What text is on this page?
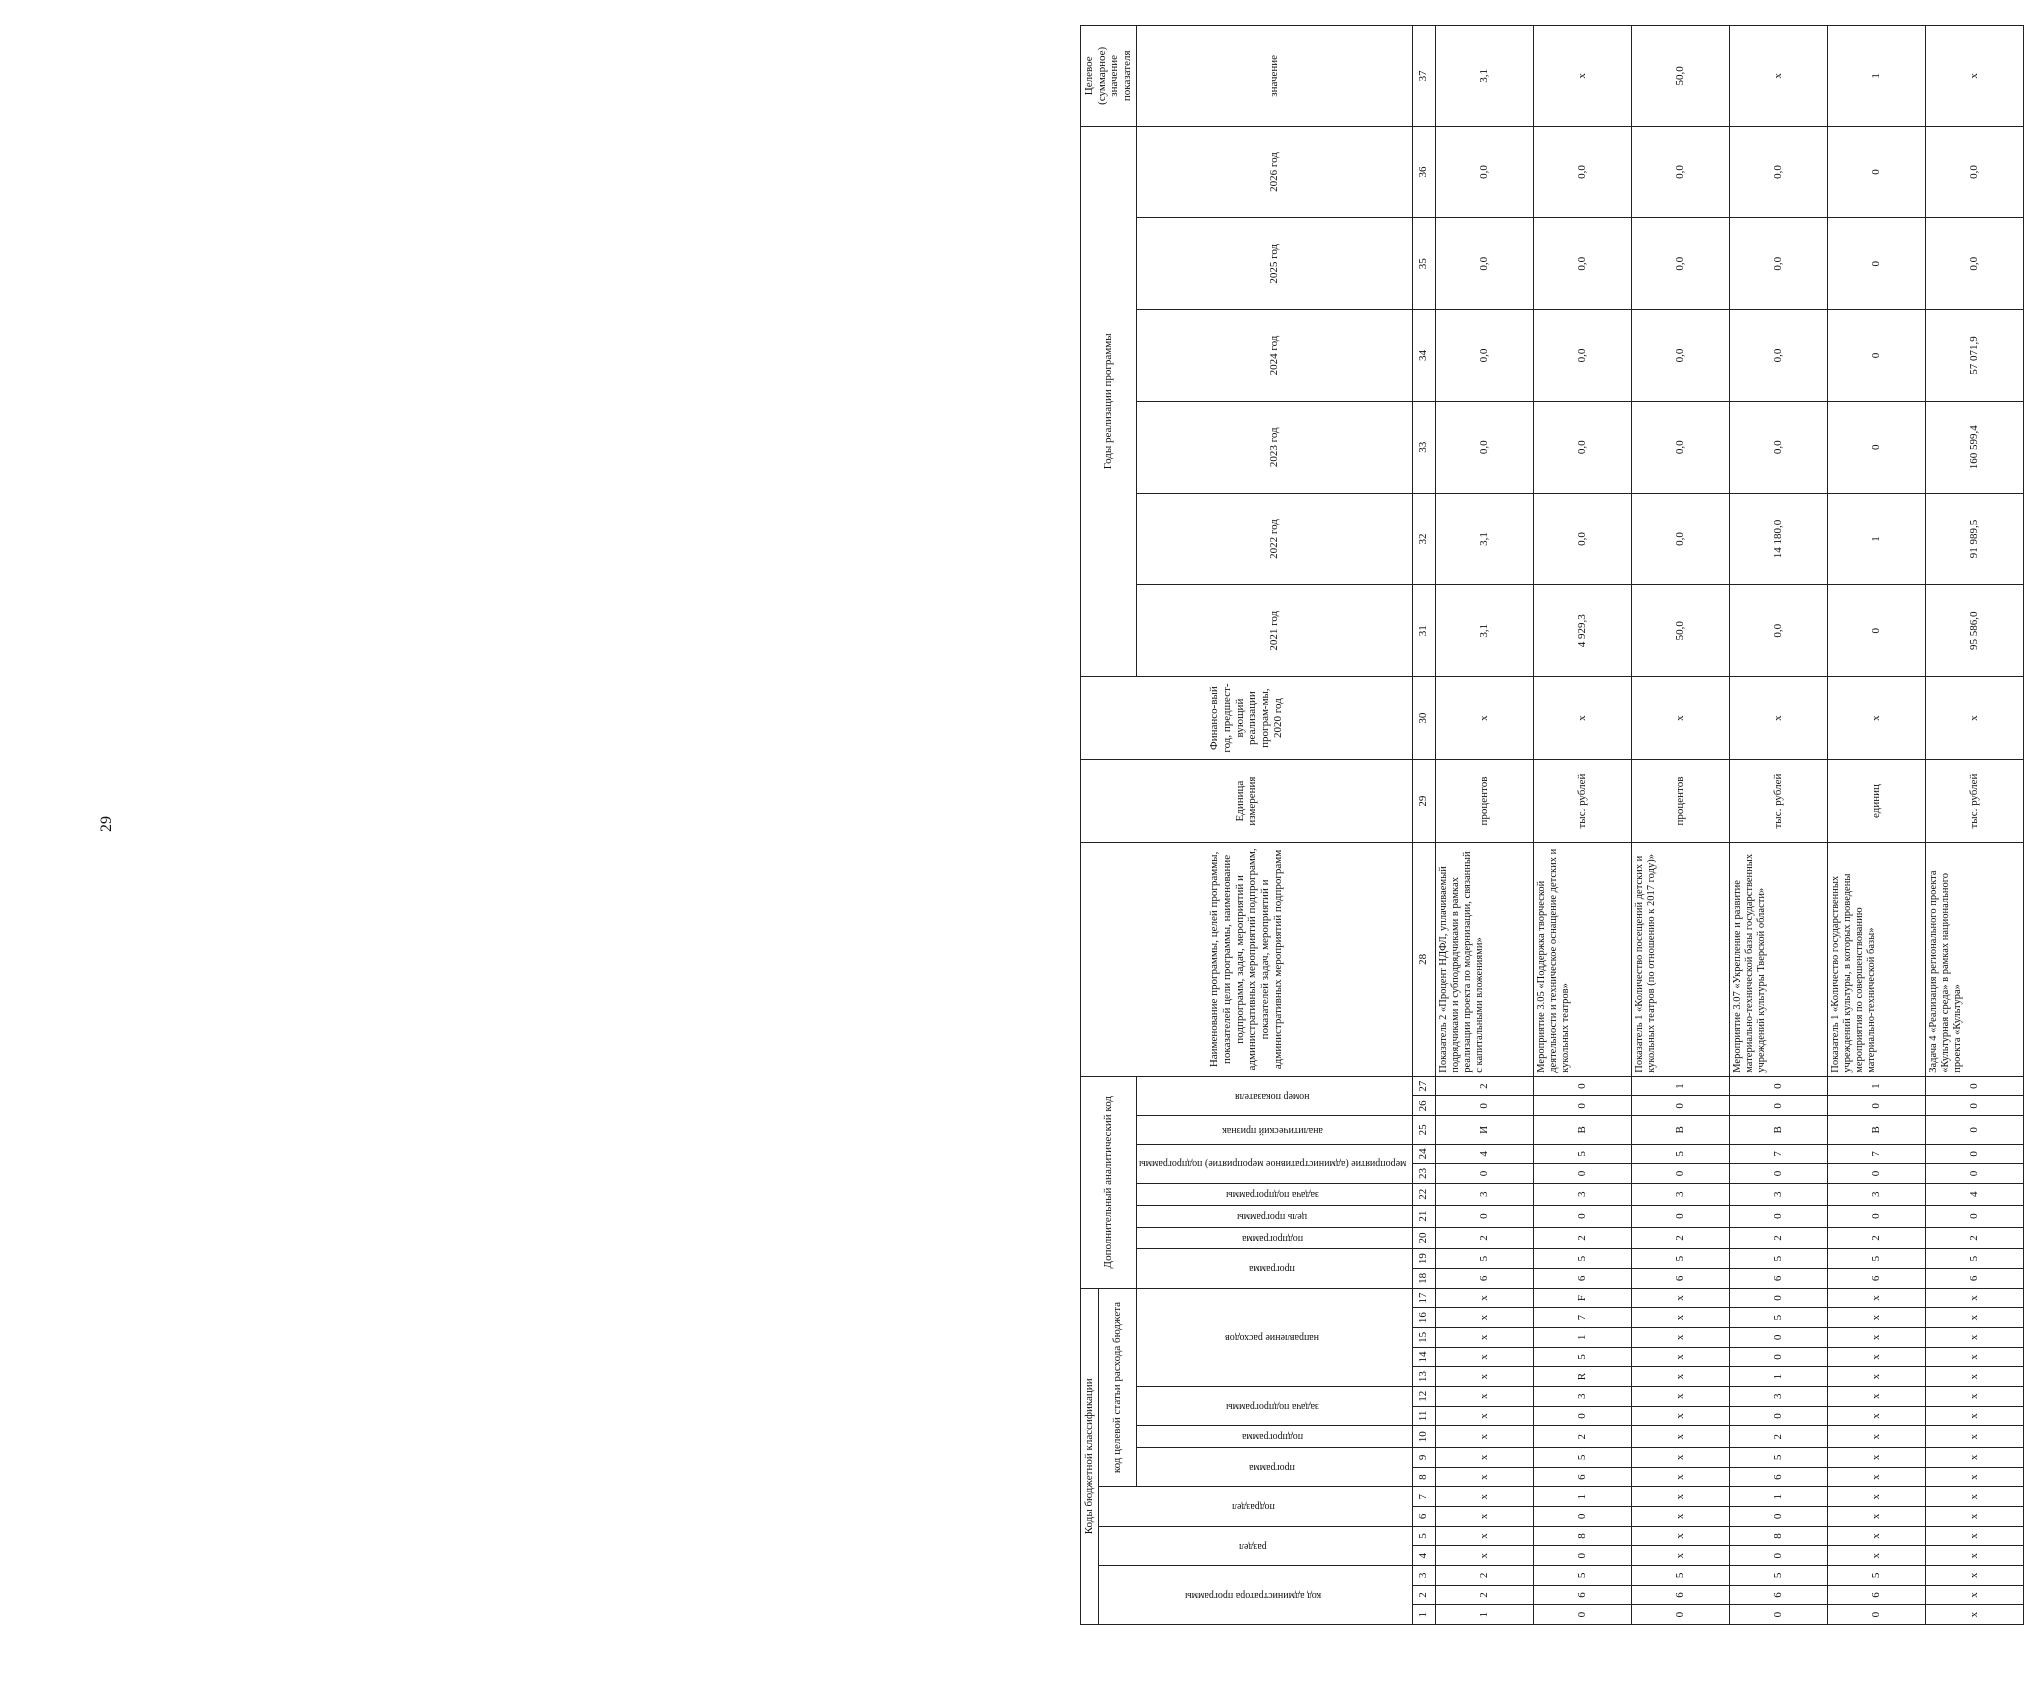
29
Коды бюджетной классификации																	Дополнительный аналитический код										Наименование программы, целей программы, показателей цели программы, наименование подпрограмм, задач, мероприятий и административных мероприятий подпрограмм, показателей задач, мероприятий и административных мероприятий подпрограмм	Единица измерения	Финансо-вый год, предшест-вующий реализации програм-мы, 2020 год	Годы реализации программы						Целевое (суммарное) значение показателя
код администратора программы			раздел		подраздел		код целевой статьи расхода бюджета																													
							программа		подпрограмма	задача подпрограммы		направление расходов					программа		подпрограмма	цель программы	задача подпрограммы	мероприятие (административное мероприятие) подпрограммы		аналитический признак	номер показателя					2021 год	2022 год	2023 год	2024 год	2025 год	2026 год	значение
1	2	3	4	5	6	7	8	9	10	11	12	13	14	15	16	17	18	19	20	21	22	23	24	25	26	27	28	29	30	31	32	33	34	35	36	37
1	2	2	х	х	х	х	х	х	х	х	х	х	х	х	х	х	6	5	2	0	3	0	4	И	0	2	Показатель 2 «Процент НДФЛ, уплачиваемый подрядчиками и субподрядчиками в рамках реализации проекта по модернизации, связанный с капитальными вложениями»	процентов	х	3,1	3,1	0,0	0,0	0,0	0,0	3,1
0	6	5	0	8	0	1	6	5	2	0	3	R	5	1	7	F	6	5	2	0	3	0	5	В	0	0	Мероприятие 3.05 «Поддержка творческой деятельности и техническое оснащение детских и кукольных театров»	тыс. рублей	х	4 929,3	0,0	0,0	0,0	0,0	0,0	х
0	6	5	х	х	х	х	х	х	х	х	х	х	х	х	х	х	6	5	2	0	3	0	5	В	0	1	Показатель 1 «Количество посещений детских и кукольных театров (по отношению к 2017 году)»	процентов	х	50,0	0,0	0,0	0,0	0,0	0,0	50,0
0	6	5	0	8	0	1	6	5	2	0	3	1	0	0	5	0	6	5	2	0	3	0	7	В	0	0	Мероприятие 3.07 «Укрепление и развитие материально-технической базы государственных учреждений культуры Тверской области»	тыс. рублей	х	0,0	14 180,0	0,0	0,0	0,0	0,0	х
0	6	5	х	х	х	х	х	х	х	х	х	х	х	х	х	х	6	5	2	0	3	0	7	В	0	1	Показатель 1 «Количество государственных учреждений культуры, в которых проведены мероприятия по совершенствованию материально-технической базы»	единиц	х	0	1	0	0	0	0	1
х	х	х	х	х	х	х	х	х	х	х	х	х	х	х	х	х	6	5	2	0	4	0	0	0	0	0	Задача 4 «Реализация регионального проекта «Культурная среда» в рамках национального проекта «Культура»	тыс. рублей	х	95 586,0	91 989,5	160 599,4	57 071,9	0,0	0,0	х
